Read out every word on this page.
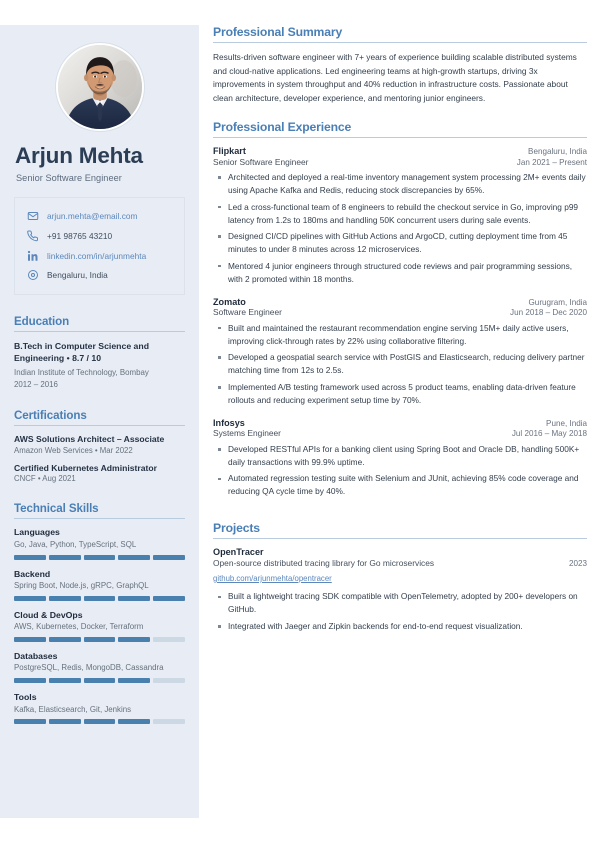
Arjun Mehta
Senior Software Engineer
arjun.mehta@email.com
+91 98765 43210
linkedin.com/in/arjunmehta
Bengaluru, India
Education
B.Tech in Computer Science and Engineering • 8.7 / 10
Indian Institute of Technology, Bombay
2012 – 2016
Certifications
AWS Solutions Architect – Associate
Amazon Web Services • Mar 2022
Certified Kubernetes Administrator
CNCF • Aug 2021
Technical Skills
Languages
Go, Java, Python, TypeScript, SQL
Backend
Spring Boot, Node.js, gRPC, GraphQL
Cloud & DevOps
AWS, Kubernetes, Docker, Terraform
Databases
PostgreSQL, Redis, MongoDB, Cassandra
Tools
Kafka, Elasticsearch, Git, Jenkins
Professional Summary

Results-driven software engineer with 7+ years of experience building scalable distributed systems and cloud-native applications. Led engineering teams at high-growth startups, driving 3x improvements in system throughput and 40% reduction in infrastructure costs. Passionate about clean architecture, developer experience, and mentoring junior engineers.

Professional Experience
Flipkart	Bengaluru, India
Senior Software Engineer	Jan 2021 – Present
Architected and deployed a real-time inventory management system processing 2M+ events daily using Apache Kafka and Redis, reducing stock discrepancies by 65%.
Led a cross-functional team of 8 engineers to rebuild the checkout service in Go, improving p99 latency from 1.2s to 180ms and handling 50K concurrent users during sale events.
Designed CI/CD pipelines with GitHub Actions and ArgoCD, cutting deployment time from 45 minutes to under 8 minutes across 12 microservices.
Mentored 4 junior engineers through structured code reviews and pair programming sessions, with 2 promoted within 18 months.
Zomato	Gurugram, India
Software Engineer	Jun 2018 – Dec 2020
Built and maintained the restaurant recommendation engine serving 15M+ daily active users, improving click-through rates by 22% using collaborative filtering.
Developed a geospatial search service with PostGIS and Elasticsearch, reducing delivery partner matching time from 12s to 2.5s.
Implemented A/B testing framework used across 5 product teams, enabling data-driven feature rollouts and reducing experiment setup time by 70%.
Infosys	Pune, India
Systems Engineer	Jul 2016 – May 2018
Developed RESTful APIs for a banking client using Spring Boot and Oracle DB, handling 500K+ daily transactions with 99.9% uptime.
Automated regression testing suite with Selenium and JUnit, achieving 85% code coverage and reducing QA cycle time by 40%.
Projects
OpenTracer
Open-source distributed tracing library for Go microservices	2023
github.com/arjunmehta/opentracer
Built a lightweight tracing SDK compatible with OpenTelemetry, adopted by 200+ developers on GitHub.
Integrated with Jaeger and Zipkin backends for end-to-end request visualization.
